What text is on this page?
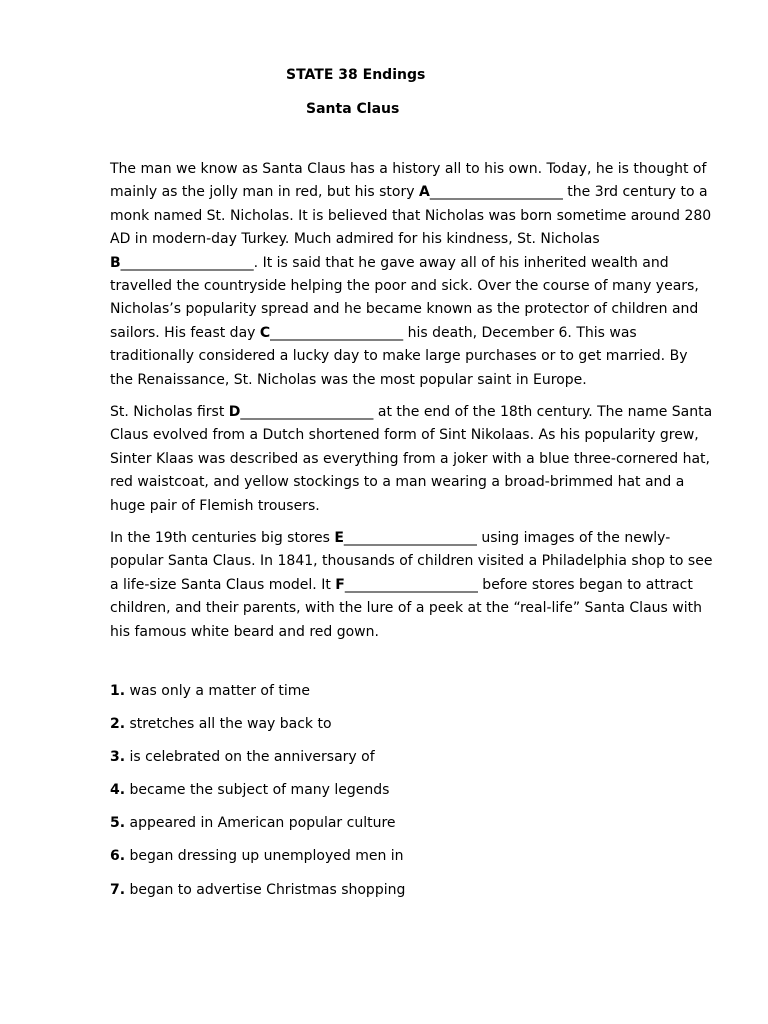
STATE 38 Endings
Santa Claus

The man we know as Santa Claus has a history all to his own. Today, he is thought of mainly as the jolly man in red, but his story A___________________ the 3rd century to a monk named St. Nicholas. It is believed that Nicholas was born sometime around 280 AD in modern-day Turkey. Much admired for his kindness, St. Nicholas B___________________. It is said that he gave away all of his inherited wealth and travelled the countryside helping the poor and sick. Over the course of many years, Nicholas’s popularity spread and he became known as the protector of children and sailors. His feast day C___________________ his death, December 6. This was traditionally considered a lucky day to make large purchases or to get married. By the Renaissance, St. Nicholas was the most popular saint in Europe.

St. Nicholas first D___________________ at the end of the 18th century. The name Santa Claus evolved from a Dutch shortened form of Sint Nikolaas. As his popularity grew, Sinter Klaas was described as everything from a joker with a blue three-cornered hat, red waistcoat, and yellow stockings to a man wearing a broad-brimmed hat and a huge pair of Flemish trousers.

In the 19th centuries big stores E___________________ using images of the newly-popular Santa Claus. In 1841, thousands of children visited a Philadelphia shop to see a life-size Santa Claus model. It F___________________ before stores began to attract children, and their parents, with the lure of a peek at the “real-life” Santa Claus with his famous white beard and red gown.

1. was only a matter of time
2. stretches all the way back to
3. is celebrated on the anniversary of
4. became the subject of many legends
5. appeared in American popular culture
6. began dressing up unemployed men in
7. began to advertise Christmas shopping
